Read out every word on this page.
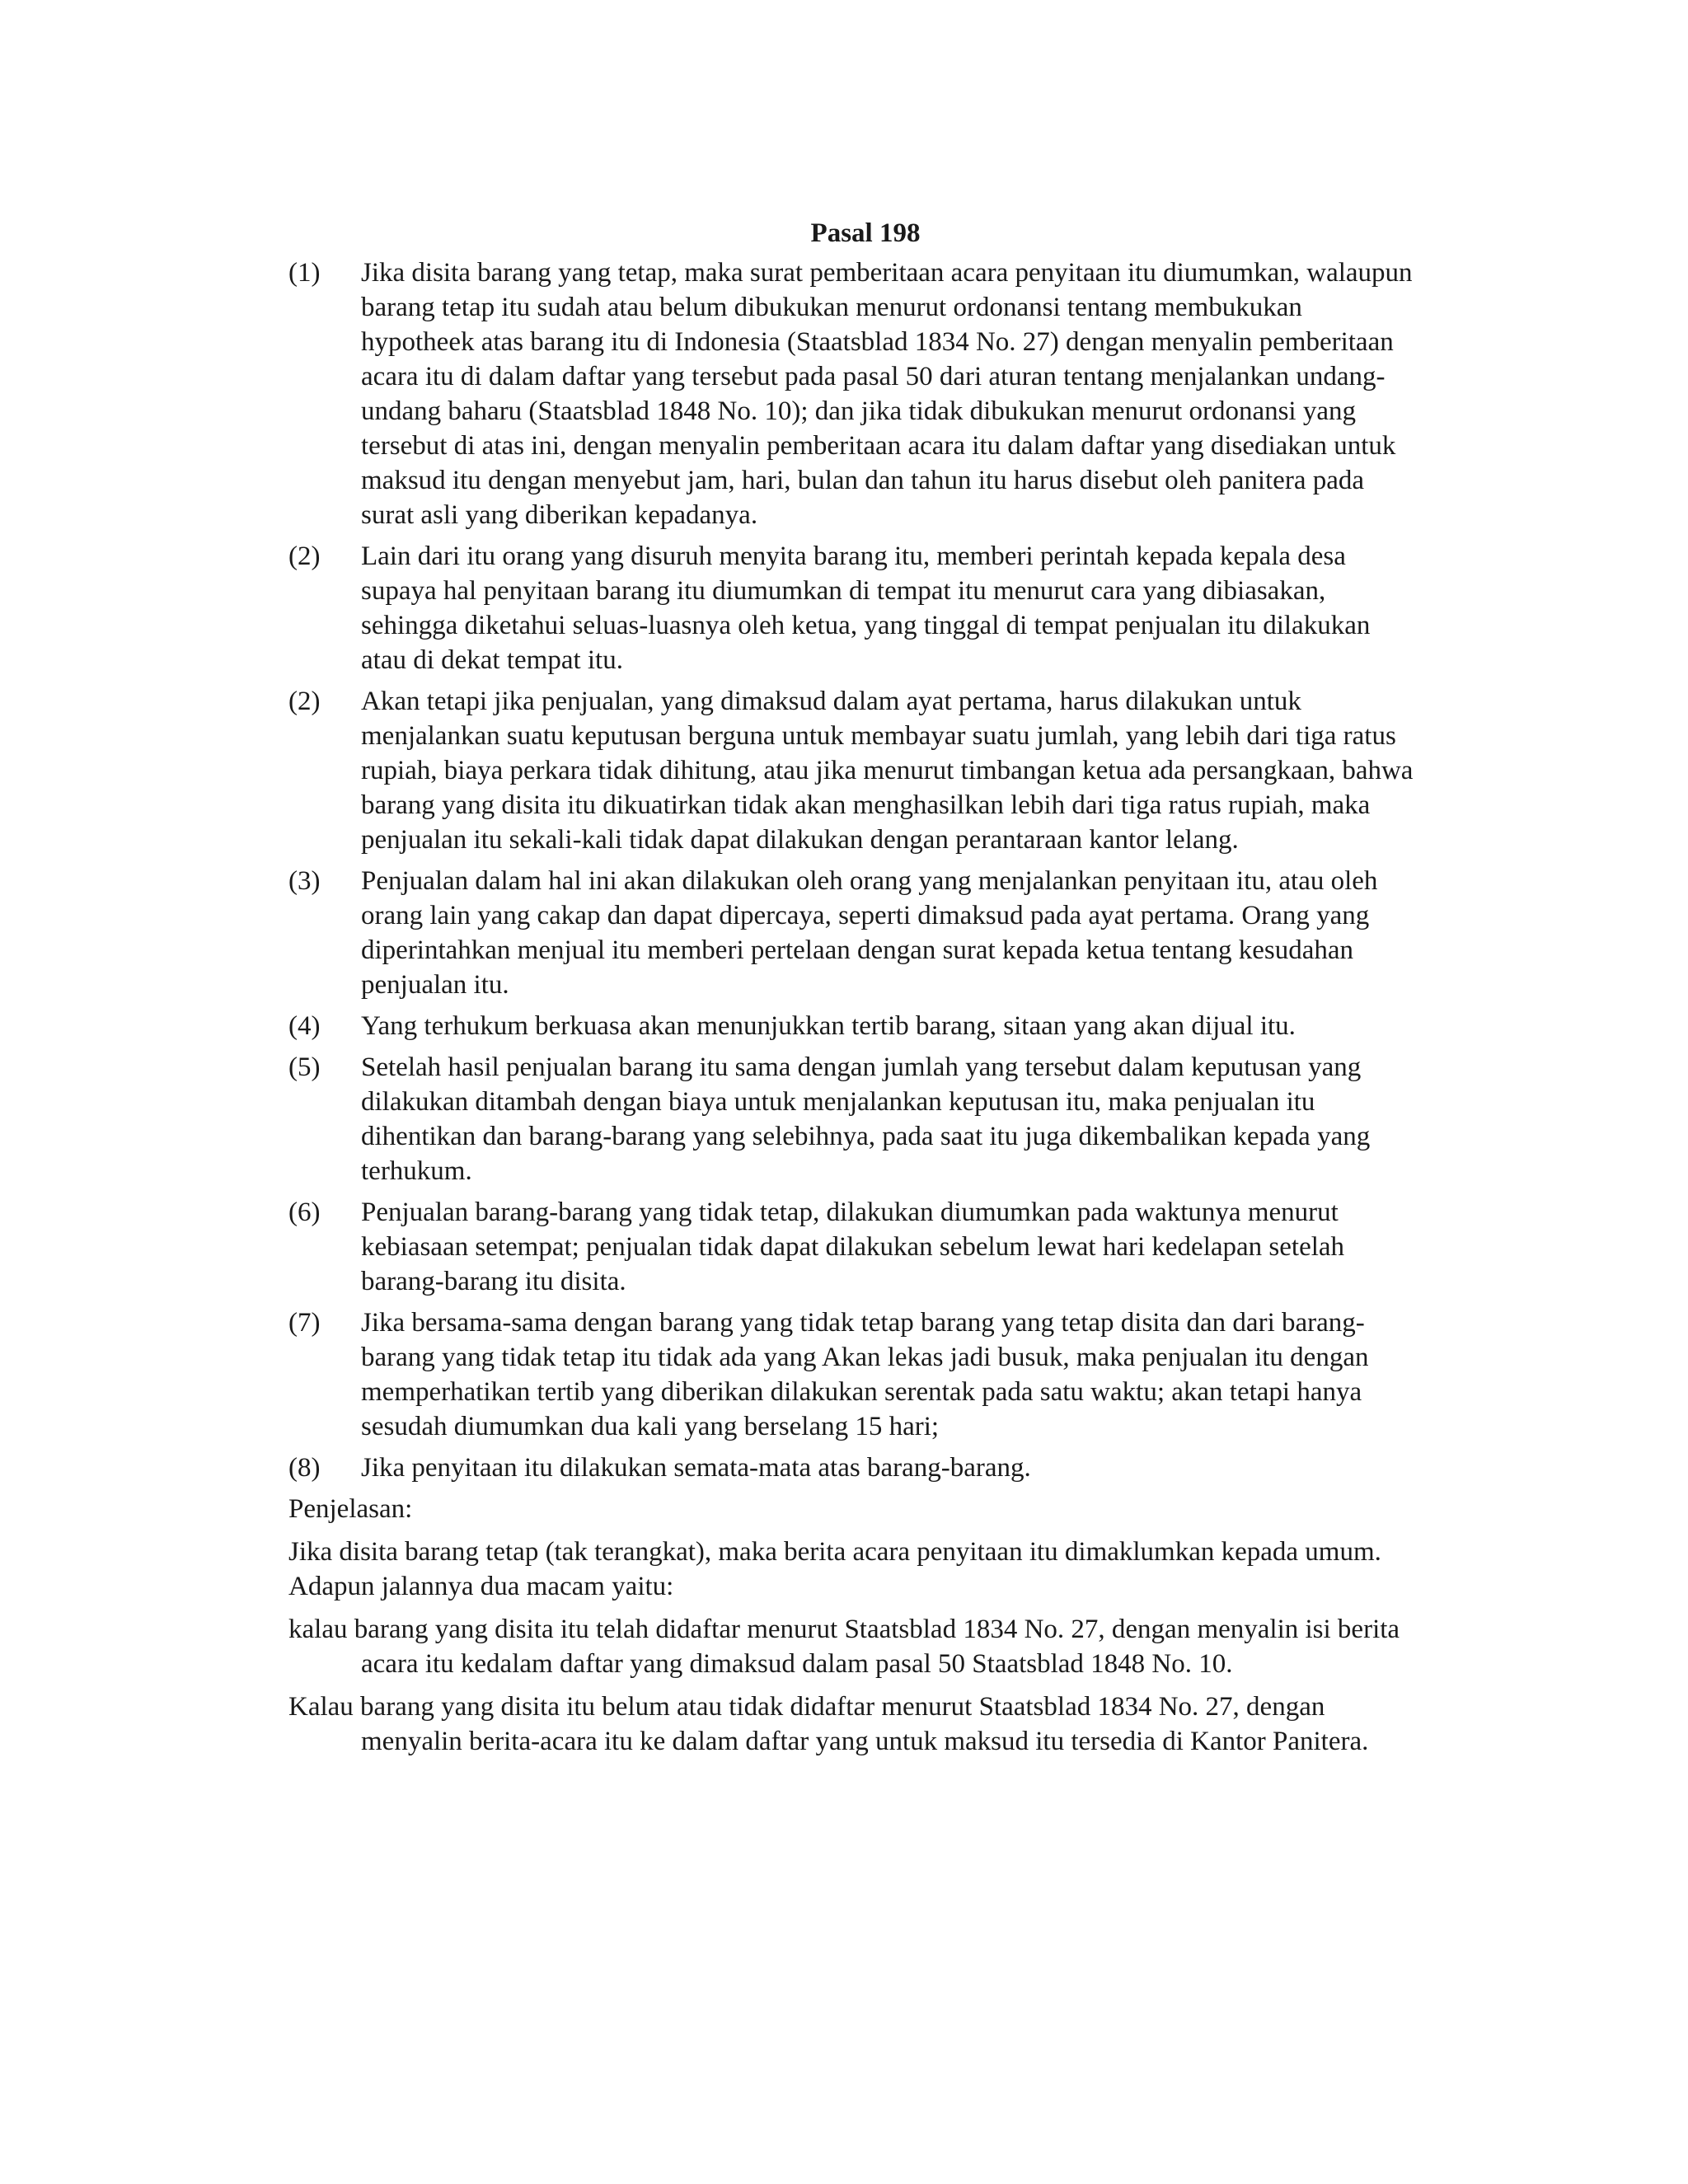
Pasal 198
(1)	Jika disita barang yang tetap, maka surat pemberitaan acara penyitaan itu diumumkan, walaupun barang tetap itu sudah atau belum dibukukan menurut ordonansi tentang membukukan hypotheek atas barang itu di Indonesia (Staatsblad 1834 No. 27) dengan menyalin pemberitaan acara itu di dalam daftar yang tersebut pada pasal 50 dari aturan tentang menjalankan undang-undang baharu (Staatsblad 1848 No. 10); dan jika tidak dibukukan menurut ordonansi yang tersebut di atas ini, dengan menyalin pemberitaan acara itu dalam daftar yang disediakan untuk maksud itu dengan menyebut jam, hari, bulan dan tahun itu harus disebut oleh panitera pada surat asli yang diberikan kepadanya.
(2)	Lain dari itu orang yang disuruh menyita barang itu, memberi perintah kepada kepala desa supaya hal penyitaan barang itu diumumkan di tempat itu menurut cara yang dibiasakan, sehingga diketahui seluas-luasnya oleh ketua, yang tinggal di tempat penjualan itu dilakukan atau di dekat tempat itu.
(2)	Akan tetapi jika penjualan, yang dimaksud dalam ayat pertama, harus dilakukan untuk menjalankan suatu keputusan berguna untuk membayar suatu jumlah, yang lebih dari tiga ratus rupiah, biaya perkara tidak dihitung, atau jika menurut timbangan ketua ada persangkaan, bahwa barang yang disita itu dikuatirkan tidak akan menghasilkan lebih dari tiga ratus rupiah, maka penjualan itu sekali-kali tidak dapat dilakukan dengan perantaraan kantor lelang.
(3)	Penjualan dalam hal ini akan dilakukan oleh orang yang menjalankan penyitaan itu, atau oleh orang lain yang cakap dan dapat dipercaya, seperti dimaksud pada ayat pertama. Orang yang diperintahkan menjual itu memberi pertelaan dengan surat kepada ketua tentang kesudahan penjualan itu.
(4)	Yang terhukum berkuasa akan menunjukkan tertib barang, sitaan yang akan dijual itu.
(5)	Setelah hasil penjualan barang itu sama dengan jumlah yang tersebut dalam keputusan yang dilakukan ditambah dengan biaya untuk menjalankan keputusan itu, maka penjualan itu dihentikan dan barang-barang yang selebihnya, pada saat itu juga dikembalikan kepada yang terhukum.
(6)	Penjualan barang-barang yang tidak tetap, dilakukan diumumkan pada waktunya menurut kebiasaan setempat; penjualan tidak dapat dilakukan sebelum lewat hari kedelapan setelah barang-barang itu disita.
(7)	Jika bersama-sama dengan barang yang tidak tetap barang yang tetap disita dan dari barang-barang yang tidak tetap itu tidak ada yang Akan lekas jadi busuk, maka penjualan itu dengan memperhatikan tertib yang diberikan dilakukan serentak pada satu waktu; akan tetapi hanya sesudah diumumkan dua kali yang berselang 15 hari;
(8)	Jika penyitaan itu dilakukan semata-mata atas barang-barang.
Penjelasan:
Jika disita barang tetap (tak terangkat), maka berita acara penyitaan itu dimaklumkan kepada umum. Adapun jalannya dua macam yaitu:
kalau barang yang disita itu telah didaftar menurut Staatsblad 1834 No. 27, dengan menyalin isi berita acara itu kedalam daftar yang dimaksud dalam pasal 50 Staatsblad 1848 No. 10.
Kalau barang yang disita itu belum atau tidak didaftar menurut Staatsblad 1834 No. 27, dengan menyalin berita-acara itu ke dalam daftar yang untuk maksud itu tersedia di Kantor Panitera.
